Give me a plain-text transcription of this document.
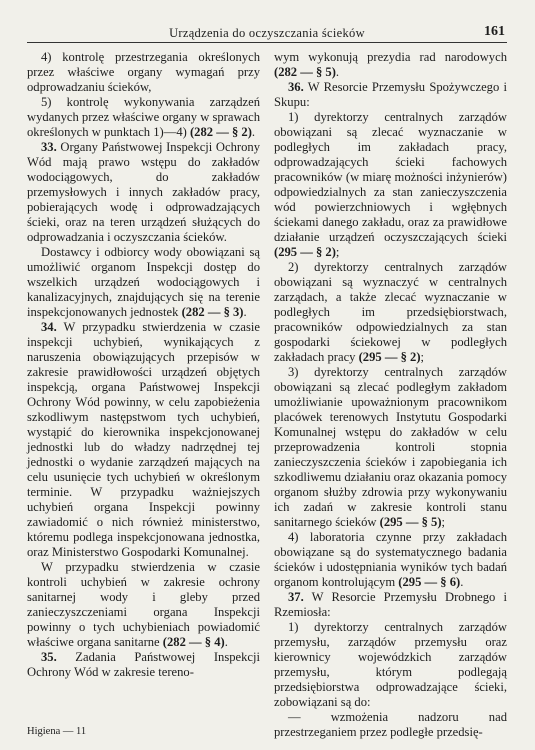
Urządzenia do oczyszczania ścieków	161

4) kontrolę przestrzegania określonych przez właściwe organy wymagań przy odprowadzaniu ścieków,

5) kontrolę wykonywania zarządzeń wydanych przez właściwe organy w sprawach określonych w punktach 1)—4) (282 — § 2).

33. Organy Państwowej Inspekcji Ochrony Wód mają prawo wstępu do zakładów wodociągowych, do zakładów przemysłowych i innych zakładów pracy, pobierających wodę i odprowadzających ścieki, oraz na teren urządzeń służących do odprowadzania i oczyszczania ścieków.

Dostawcy i odbiorcy wody obowiązani są umożliwić organom Inspekcji dostęp do wszelkich urządzeń wodociągowych i kanalizacyjnych, znajdujących się na terenie inspekcjonowanych jednostek (282 — § 3).

34. W przypadku stwierdzenia w czasie inspekcji uchybień, wynikających z naruszenia obowiązujących przepisów w zakresie prawidłowości urządzeń objętych inspekcją, organa Państwowej Inspekcji Ochrony Wód powinny, w celu zapobieżenia szkodliwym następstwom tych uchybień, wystąpić do kierownika inspekcjonowanej jednostki lub do władzy nadrzędnej tej jednostki o wydanie zarządzeń mających na celu usunięcie tych uchybień w określonym terminie. W przypadku ważniejszych uchybień organa Inspekcji powinny zawiadomić o nich również ministerstwo, któremu podlega inspekcjonowana jednostka, oraz Ministerstwo Gospodarki Komunalnej.

W przypadku stwierdzenia w czasie kontroli uchybień w zakresie ochrony sanitarnej wody i gleby przed zanieczyszczeniami organa Inspekcji powinny o tych uchybieniach powiadomić właściwe organa sanitarne (282 — § 4).

35. Zadania Państwowej Inspekcji Ochrony Wód w zakresie tereno-

wym wykonują prezydia rad narodowych (282 — § 5).

36. W Resorcie Przemysłu Spożywczego i Skupu:

1) dyrektorzy centralnych zarządów obowiązani są zlecać wyznaczanie w podległych im zakładach pracy, odprowadzających ścieki fachowych pracowników (w miarę możności inżynierów) odpowiedzialnych za stan zanieczyszczenia wód powierzchniowych i wgłębnych ściekami danego zakładu, oraz za prawidłowe działanie urządzeń oczyszczających ścieki (295 — § 2);

2) dyrektorzy centralnych zarządów obowiązani są wyznaczyć w centralnych zarządach, a także zlecać wyznaczanie w podległych im przedsiębiorstwach, pracowników odpowiedzialnych za stan gospodarki ściekowej w podległych zakładach pracy (295 — § 2);

3) dyrektorzy centralnych zarządów obowiązani są zlecać podległym zakładom umożliwianie upoważnionym pracownikom placówek terenowych Instytutu Gospodarki Komunalnej wstępu do zakładów w celu przeprowadzenia kontroli stopnia zanieczyszczenia ścieków i zapobiegania ich szkodliwemu działaniu oraz okazania pomocy organom służby zdrowia przy wykonywaniu ich zadań w zakresie kontroli stanu sanitarnego ścieków (295 — § 5);

4) laboratoria czynne przy zakładach obowiązane są do systematycznego badania ścieków i udostępniania wyników tych badań organom kontrolującym (295 — § 6).

37. W Resorcie Przemysłu Drobnego i Rzemiosła:

1) dyrektorzy centralnych zarządów przemysłu, zarządów przemysłu oraz kierownicy wojewódzkich zarządów przemysłu, którym podlegają przedsiębiorstwa odprowadzające ścieki, zobowiązani są do:

— wzmożenia nadzoru nad przestrzeganiem przez podległe przedsię-

Higiena — 11
